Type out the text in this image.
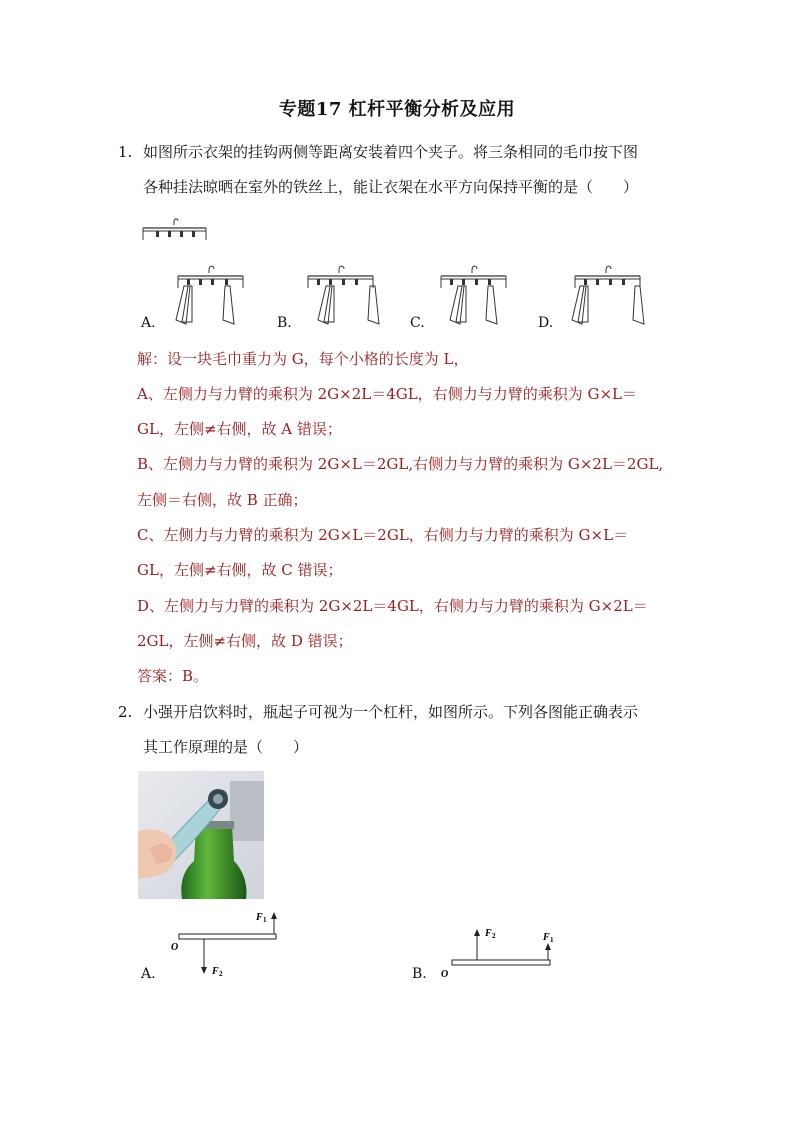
专题17 杠杆平衡分析及应用
1. 如图所示衣架的挂钩两侧等距离安装着四个夹子。将三条相同的毛巾按下图
各种挂法晾晒在室外的铁丝上，能让衣架在水平方向保持平衡的是（　　）
A.	B.	C.	D.
解：设一块毛巾重力为 G，每个小格的长度为 L，
A、左侧力与力臂的乘积为 2G×2L＝4GL，右侧力与力臂的乘积为 G×L＝
GL，左侧≠右侧，故 A 错误；
B、左侧力与力臂的乘积为 2G×L＝2GL,右侧力与力臂的乘积为 G×2L＝2GL,
左侧＝右侧，故 B 正确；
C、左侧力与力臂的乘积为 2G×L＝2GL，右侧力与力臂的乘积为 G×L＝
GL，左侧≠右侧，故 C 错误；
D、左侧力与力臂的乘积为 2G×2L＝4GL，右侧力与力臂的乘积为 G×2L＝
2GL，左侧≠右侧，故 D 错误；
答案：B。
2. 小强开启饮料时，瓶起子可视为一个杠杆，如图所示。下列各图能正确表示
其工作原理的是（　　）
F 1
O
F 2
A.
F 2	F 1
O
B.
